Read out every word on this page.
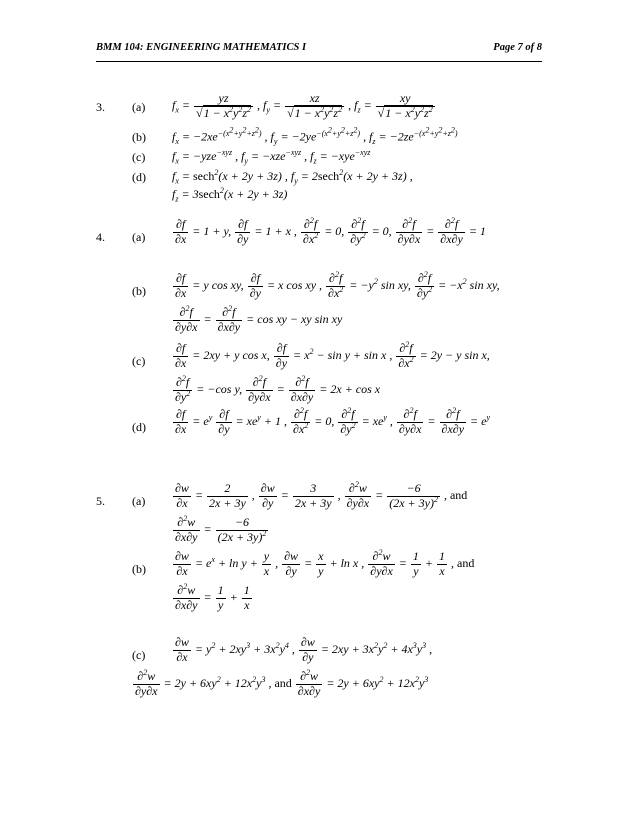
BMM 104: ENGINEERING MATHEMATICS I	Page 7 of 8
3. (a) $f_x = \frac{yz}{√1 - x^2y^2z^2}$ , $f_y = \frac{xz}{√1 - x^2y^2z^2}$ , $f_z = \frac{xy}{√1 - x^2y^2z^2}$
(b) $f_x = -2xe^{-(x^2+y^2+z^2)}$ , $f_y = -2ye^{-(x^2+y^2+z^2)}$ , $f_z = -2ze^{-(x^2+y^2+z^2)}$
(c) $f_x = -yze^{-xyz}$ , $f_y = -xze^{-xyz}$ , $f_z = -xye^{-xyz}$
(d) $f_x = \sec h^2(x + 2y + 3z)$ , $f_y = 2\sec h^2(x + 2y + 3z)$ ,
$f_z = 3\sec h^2(x + 2y + 3z)$
4. $(a) \frac{\partial f}{\partial x} = 1 + y$, $\frac{\partial f}{\partial y} = 1 + x$ , $\frac{\partial^2f}{\partial x^2} = 0$, $\frac{\partial^2f}{\partial y^2} = 0$, $\frac{\partial^2f}{\partial y\partial x} = \frac{\partial^2f}{\partial x\partial y} = 1$
$(b) \frac{\partial f}{\partial x} = y$ cos xy, $\frac{\partial f}{\partial y} = x$ cos xy , $\frac{\partial^2f}{\partial x^2} = -y^2$ sin xy, $\frac{\partial^2f}{\partial y^2} = -x^2$ sin xy,
$\frac{\partial^2f}{\partial y\partial x} = \frac{\partial^2f}{\partial x\partial y} = \cos$ xy − xy sin xy
$(c) \frac{\partial f}{\partial x} = 2xy + y$ cos x, $\frac{\partial f}{\partial y} = x^2 - \sin y + \sin x$ , $\frac{\partial^2f}{\partial x^2} = 2y - y$ sin x,
$\frac{\partial^2f}{\partial y^2} = -\cos$ y, $\frac{\partial^2f}{\partial y\partial x} = \frac{\partial^2f}{\partial x\partial y} = 2x + \cos x$
$(d) \frac{\partial f}{\partial x} = e^y \frac{\partial f}{\partial y} = xe^y + 1$ , $\frac{\partial^2f}{\partial x^2} = 0$, $\frac{\partial^2f}{\partial y^2} = xe^y$ , $\frac{\partial^2f}{\partial y\partial x} = \frac{\partial^2f}{\partial x\partial y} = e^y$
5. $(a) \frac{\partial w}{\partial x} = \frac{2}{2x + 3y}$ , $\frac{\partial w}{\partial y} = \frac{3}{2x + 3y}$ , $\frac{\partial^2w}{\partial y\partial x} = \frac{-6}{(2x + 3y)^2}$ , and
$\frac{\partial^2w}{\partial x\partial y} = \frac{-6}{(2x + 3y)^2}$
$(b) \frac{\partial w}{\partial x} = e^x + \ln y + \frac{y}{x}$ , $\frac{\partial w}{\partial y} = \frac{x}{y} + \ln x$ , $\frac{\partial^2w}{\partial y\partial x} = \frac{1}{y} + \frac{1}{x}$ , and
$\frac{\partial^2w}{\partial x\partial y} = \frac{1}{y} + \frac{1}{x}$
$(c) \frac{\partial w}{\partial x} = y^2 + 2xy^3 + 3x^2y^4$ , $\frac{\partial w}{\partial y} = 2xy + 3x^2y^2 + 4x^3y^3$ ,
$\frac{\partial^2w}{\partial y\partial x} = 2y + 6xy^2 + 12x^2y^3$ , and $\frac{\partial^2w}{\partial x\partial y} = 2y + 6xy^2 + 12x^2y^3$
